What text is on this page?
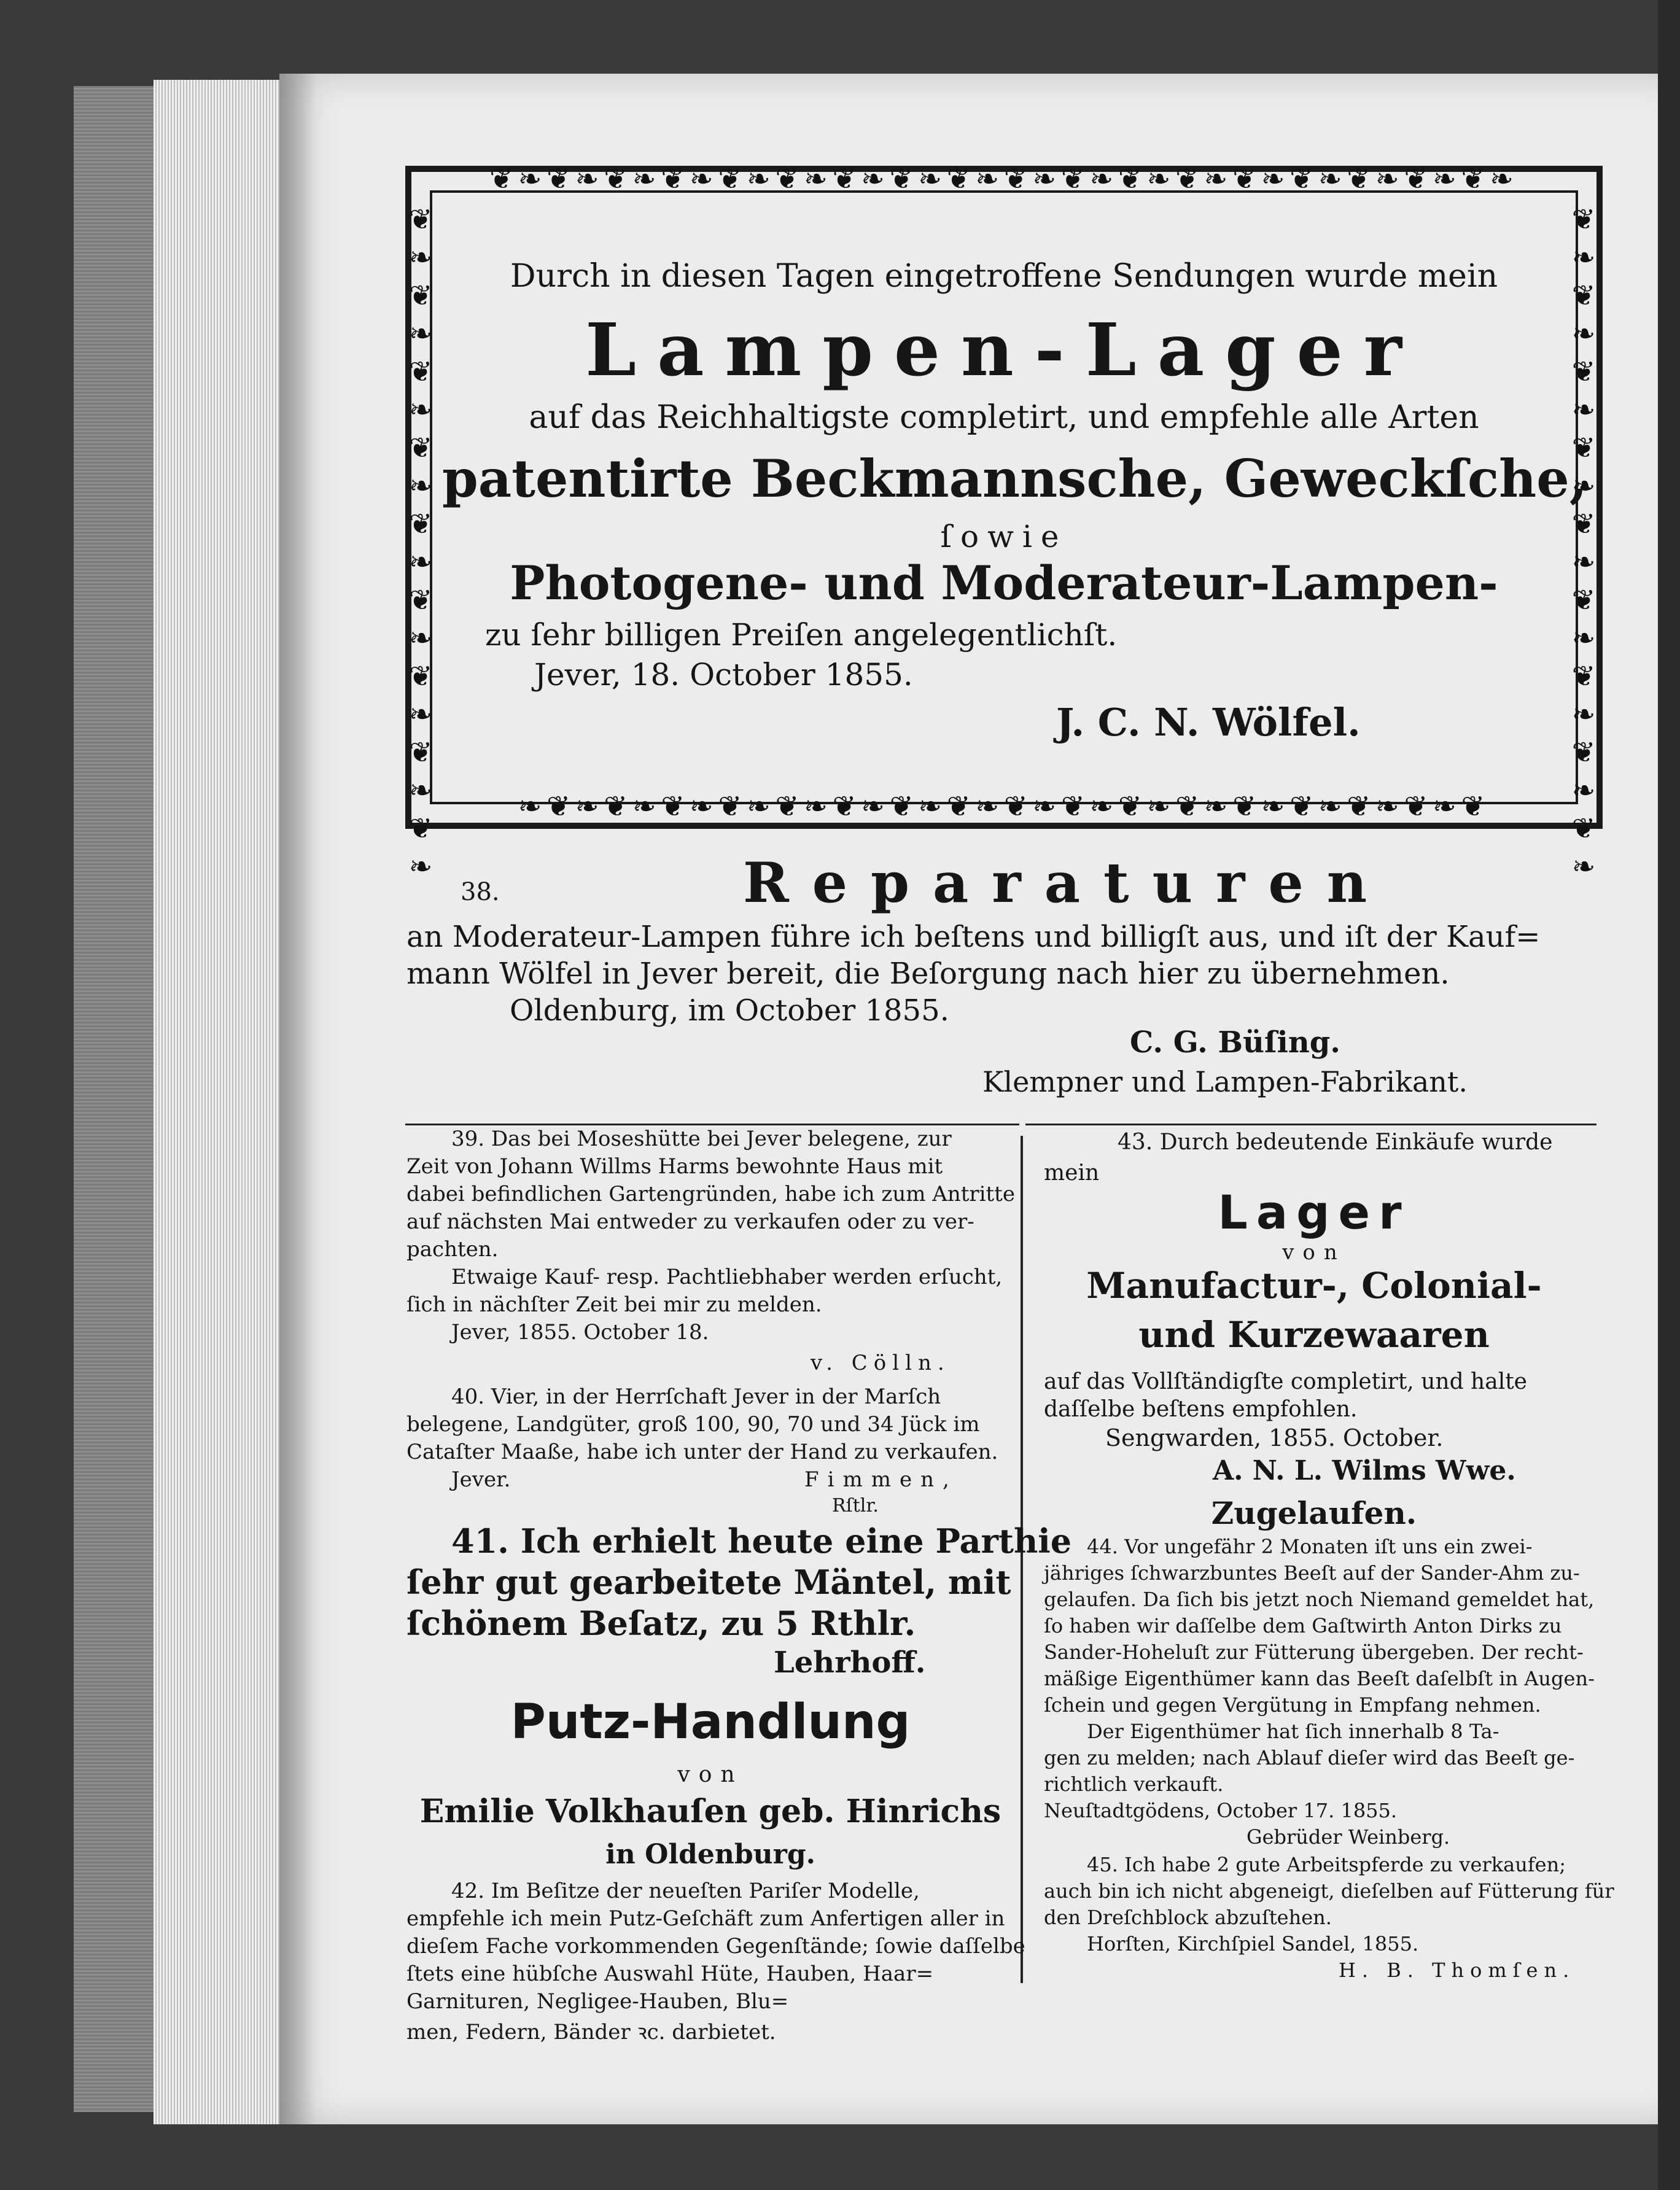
❦❧❦❧❦❧❦❧❦❧❦❧❦❧❦❧❦❧❦❧❦❧❦❧❦❧❦❧❦❧❦❧❦❧❦❧
❧❦❧❦❧❦❧❦❧❦❧❦❧❦❧❦❧❦❧❦❧❦❧❦❧❦❧❦❧❦❧❦❧❦
❦❧❦❧❦❧❦❧❦❧❦❧❦❧❦❧❦❧	❦❧❦❧❦❧❦❧❦❧❦❧❦❧❦❧❦❧
Durch in diesen Tagen eingetroffene Sendungen wurde mein
Lampen-Lager
auf das Reichhaltigste completirt, und empfehle alle Arten
patentirte Beckmannsche, Geweckſche,
ſowie
Photogene- und Moderateur-Lampen-
zu ſehr billigen Preiſen angelegentlichſt.
Jever, 18. October 1855.
J. C. N. Wölfel.
38.	Reparaturen
an Moderateur-Lampen führe ich beſtens und billigſt aus, und iſt der Kauf=
mann Wölfel in Jever bereit, die Beſorgung nach hier zu übernehmen.
Oldenburg, im October 1855.
C. G. Büſing.
Klempner und Lampen-Fabrikant.
39. Das bei Moseshütte bei Jever belegene, zur
Zeit von Johann Willms Harms bewohnte Haus mit
dabei befindlichen Gartengründen, habe ich zum Antritte
auf nächsten Mai entweder zu verkaufen oder zu ver-
pachten.
Etwaige Kauf- resp. Pachtliebhaber werden erſucht,
ſich in nächſter Zeit bei mir zu melden.
Jever, 1855. October 18.
v. Cölln.
40. Vier, in der Herrſchaft Jever in der Marſch
belegene, Landgüter, groß 100, 90, 70 und 34 Jück im
Cataſter Maaße, habe ich unter der Hand zu verkaufen.
Jever.	Fimmen,
Rſtlr.
41. Ich erhielt heute eine Parthie
ſehr gut gearbeitete Mäntel, mit
ſchönem Beſatz, zu 5 Rthlr.
Lehrhoff.
Putz-Handlung
von
Emilie Volkhauſen geb. Hinrichs
in Oldenburg.
42. Im Beſitze der neueſten Pariſer Modelle,
empfehle ich mein Putz-Geſchäft zum Anfertigen aller in
dieſem Fache vorkommenden Gegenſtände; ſowie daſſelbe
ſtets eine hübſche Auswahl Hüte, Hauben, Haar=
Garnituren, Negligee-Hauben, Blu=
men, Federn, Bänder ꝛc. darbietet.
43. Durch bedeutende Einkäufe wurde
mein
Lager
von
Manufactur-, Colonial-
und Kurzewaaren
auf das Vollſtändigſte completirt, und halte
daſſelbe beſtens empfohlen.
Sengwarden, 1855. October.
A. N. L. Wilms Wwe.
Zugelaufen.
44. Vor ungefähr 2 Monaten iſt uns ein zwei-
jähriges ſchwarzbuntes Beeſt auf der Sander-Ahm zu-
gelaufen. Da ſich bis jetzt noch Niemand gemeldet hat,
ſo haben wir daſſelbe dem Gaſtwirth Anton Dirks zu
Sander-Hoheluſt zur Fütterung übergeben. Der recht-
mäßige Eigenthümer kann das Beeſt daſelbſt in Augen-
ſchein und gegen Vergütung in Empfang nehmen.
Der Eigenthümer hat ſich innerhalb 8 Ta-
gen zu melden; nach Ablauf dieſer wird das Beeſt ge-
richtlich verkauft.
Neuſtadtgödens, October 17. 1855.
Gebrüder Weinberg.
45. Ich habe 2 gute Arbeitspferde zu verkaufen;
auch bin ich nicht abgeneigt, dieſelben auf Fütterung für
den Dreſchblock abzuſtehen.
Horſten, Kirchſpiel Sandel, 1855.
H. B. Thomſen.
